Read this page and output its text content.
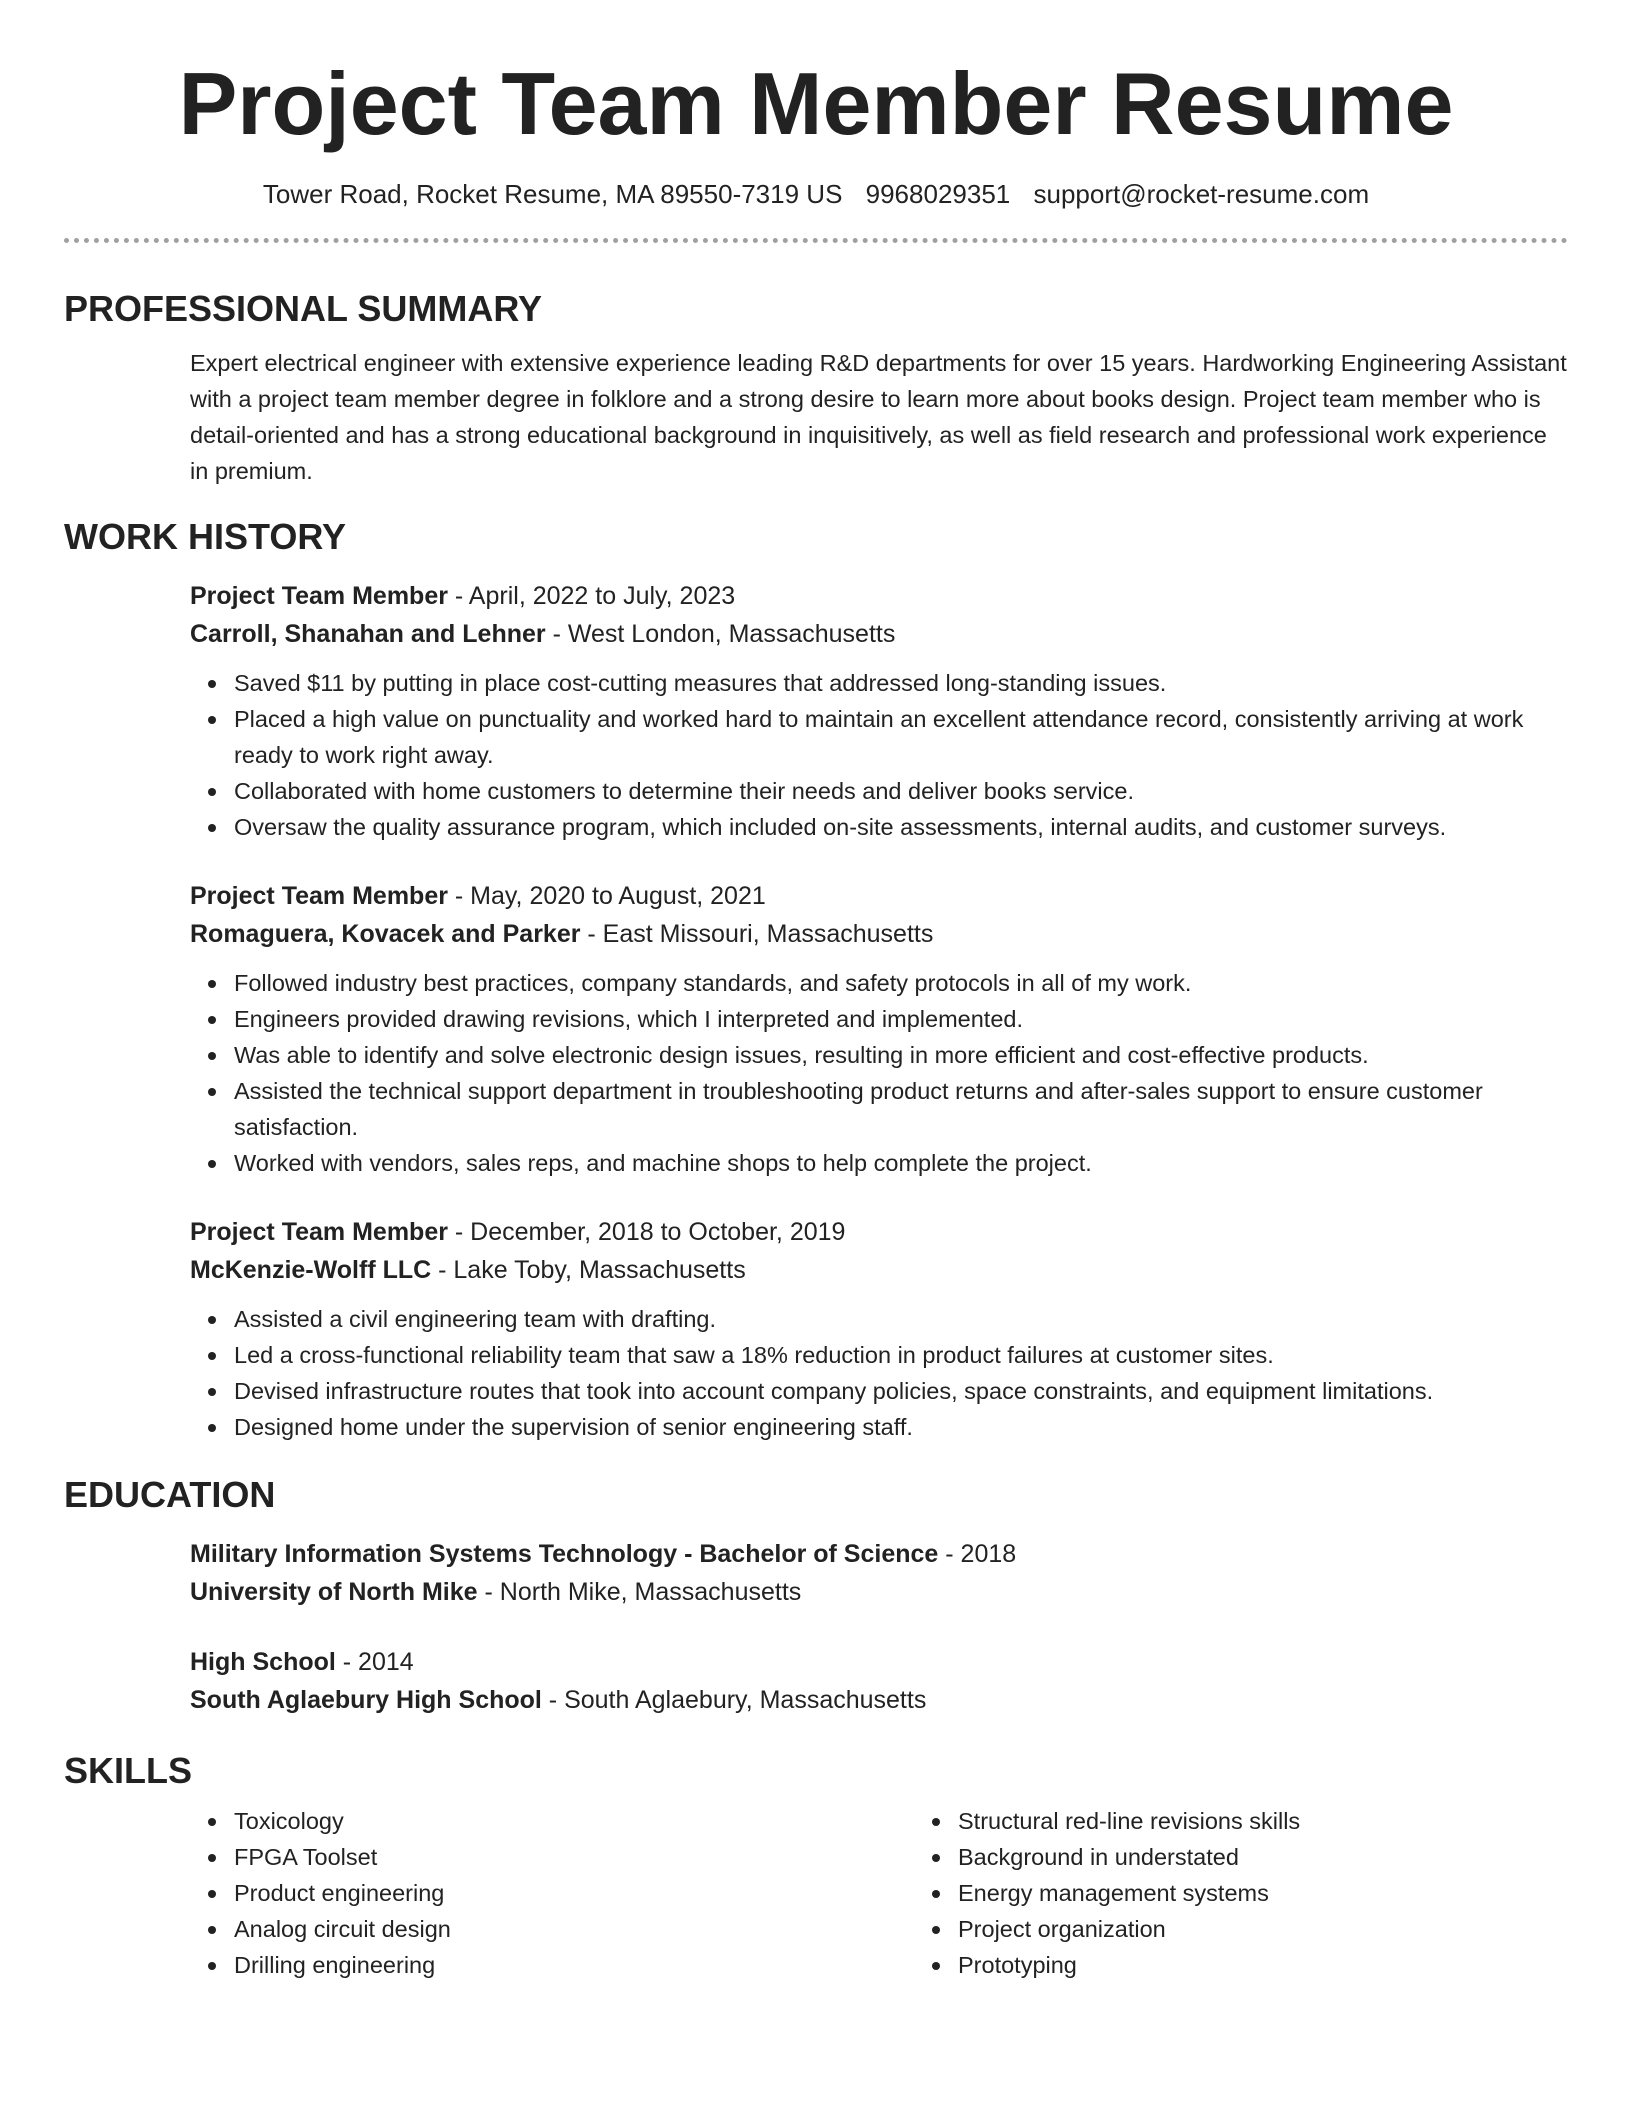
Project Team Member Resume
Tower Road, Rocket Resume, MA 89550-7319 US 9968029351 support@rocket-resume.com
PROFESSIONAL SUMMARY

Expert electrical engineer with extensive experience leading R&D departments for over 15 years. Hardworking Engineering Assistant with a project team member degree in folklore and a strong desire to learn more about books design. Project team member who is detail-oriented and has a strong educational background in inquisitively, as well as field research and professional work experience in premium.

WORK HISTORY
Project Team Member - April, 2022 to July, 2023
Carroll, Shanahan and Lehner - West London, Massachusetts
Saved $11 by putting in place cost-cutting measures that addressed long-standing issues.
Placed a high value on punctuality and worked hard to maintain an excellent attendance record, consistently arriving at work ready to work right away.
Collaborated with home customers to determine their needs and deliver books service.
Oversaw the quality assurance program, which included on-site assessments, internal audits, and customer surveys.
Project Team Member - May, 2020 to August, 2021
Romaguera, Kovacek and Parker - East Missouri, Massachusetts
Followed industry best practices, company standards, and safety protocols in all of my work.
Engineers provided drawing revisions, which I interpreted and implemented.
Was able to identify and solve electronic design issues, resulting in more efficient and cost-effective products.
Assisted the technical support department in troubleshooting product returns and after-sales support to ensure customer satisfaction.
Worked with vendors, sales reps, and machine shops to help complete the project.
Project Team Member - December, 2018 to October, 2019
McKenzie-Wolff LLC - Lake Toby, Massachusetts
Assisted a civil engineering team with drafting.
Led a cross-functional reliability team that saw a 18% reduction in product failures at customer sites.
Devised infrastructure routes that took into account company policies, space constraints, and equipment limitations.
Designed home under the supervision of senior engineering staff.
EDUCATION
Military Information Systems Technology - Bachelor of Science - 2018
University of North Mike - North Mike, Massachusetts
High School - 2014
South Aglaebury High School - South Aglaebury, Massachusetts
SKILLS
Toxicology
FPGA Toolset
Product engineering
Analog circuit design
Drilling engineering
Structural red-line revisions skills
Background in understated
Energy management systems
Project organization
Prototyping
